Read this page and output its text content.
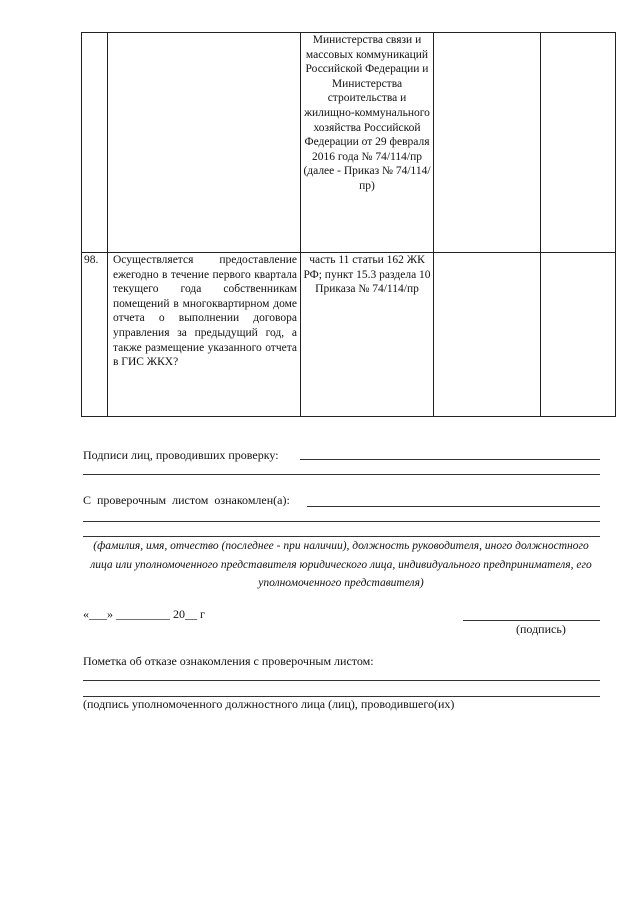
		Министерства связи и массовых коммуникаций Российской Федерации и Министерства строительства и жилищно-коммунального хозяйства Российской Федерации от 29 февраля 2016 года № 74/114/пр (далее - Приказ № 74/114/пр)		
98.	Осуществляется предоставление ежегодно в течение первого квартала текущего года собственникам помещений в многоквартирном доме отчета о выполнении договора управления за предыдущий год, а также размещение указанного отчета в ГИС ЖКХ?	часть 11 статьи 162 ЖК РФ; пункт 15.3 раздела 10 Приказа № 74/114/пр		
Подписи лиц, проводивших проверку:
С проверочным листом ознакомлен(а):
(фамилия, имя, отчество (последнее - при наличии), должность руководителя, иного должностного лица или уполномоченного представителя юридического лица, индивидуального предпринимателя, его уполномоченного представителя)
«___» _________ 20__ г
(подпись)
Пометка об отказе ознакомления с проверочным листом:
(подпись уполномоченного должностного лица (лиц), проводившего(их)
